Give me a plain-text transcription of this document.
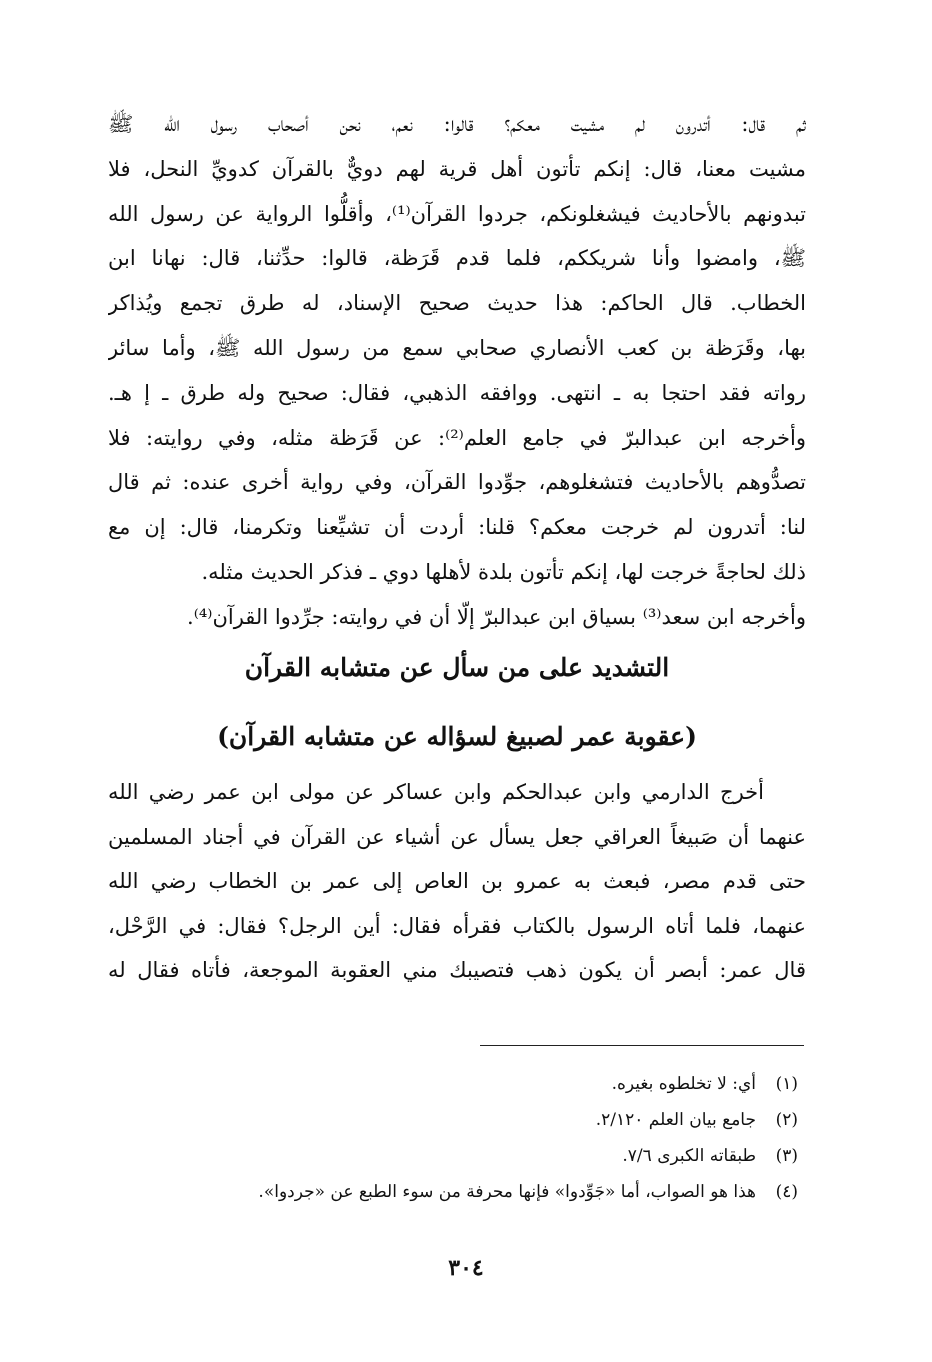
ثم قال: أتدرون لم مشيت معكم؟ قالوا: نعم، نحن أصحاب رسول الله ﷺ
مشيت معنا، قال: إنكم تأتون أهل قرية لهم دويٌّ بالقرآن كدويِّ النحل، فلا
تبدونهم بالأحاديث فيشغلونكم، جردوا القرآن⁽¹⁾، وأقلُّوا الرواية عن رسول الله
ﷺ، وامضوا وأنا شريككم، فلما قدم قَرَظة، قالوا: حدِّثنا، قال: نهانا ابن
الخطاب. قال الحاكم: هذا حديث صحيح الإسناد، له طرق تجمع ويُذاكر
بها، وقَرَظة بن كعب الأنصاري صحابي سمع من رسول الله ﷺ، وأما سائر
رواته فقد احتجا به ـ انتهى. ووافقه الذهبي، فقال: صحيح وله طرق ـ إ هـ.
وأخرجه ابن عبدالبرّ في جامع العلم⁽²⁾: عن قَرَظة مثله، وفي روايته: فلا
تصدُّوهم بالأحاديث فتشغلوهم، جوِّدوا القرآن، وفي رواية أخرى عنده: ثم قال
لنا: أتدرون لم خرجت معكم؟ قلنا: أردت أن تشيِّعنا وتكرمنا، قال: إن مع
ذلك لحاجةً خرجت لها، إنكم تأتون بلدة لأهلها دوي ـ فذكر الحديث مثله.
وأخرجه ابن سعد⁽³⁾ بسياق ابن عبدالبرّ إلّا أن في روايته: جرِّدوا القرآن⁽⁴⁾.
التشديد على من سأل عن متشابه القرآن
(عقوبة عمر لصبيغ لسؤاله عن متشابه القرآن)
أخرج الدارمي وابن عبدالحكم وابن عساكر عن مولى ابن عمر رضي الله
عنهما أن صَبيغاً العراقي جعل يسأل عن أشياء عن القرآن في أجناد المسلمين
حتى قدم مصر، فبعث به عمرو بن العاص إلى عمر بن الخطاب رضي الله
عنهما، فلما أتاه الرسول بالكتاب فقرأه فقال: أين الرجل؟ فقال: في الرَّحْل،
قال عمر: أبصر أن يكون ذهب فتصيبك مني العقوبة الموجعة، فأتاه فقال له
(١)
أي: لا تخلطوه بغيره.
(٢)
جامع بيان العلم ٢/١٢٠.
(٣)
طبقاته الكبرى ٧/٦.
(٤)
هذا هو الصواب، أما «جَوِّدوا» فإنها محرفة من سوء الطبع عن «جردوا».
٣٠٤
